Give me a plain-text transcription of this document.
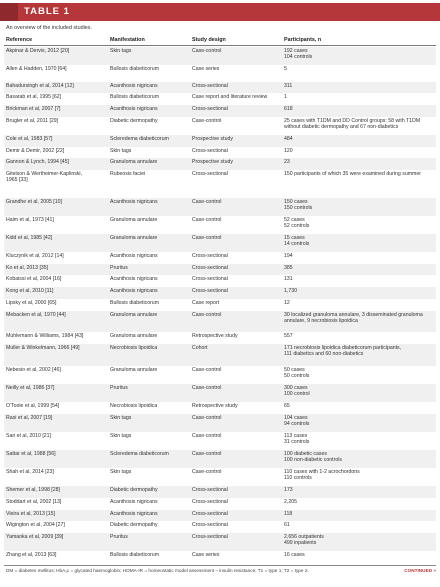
TABLE 1
An overview of the included studies.
Reference	Manifestation	Study design	Participants, n
Akpinar & Dervis, 2012 [20]	Skin tags	Case-control	192 cases
104 controls
Allen & Hadden, 1970 [64]	Bullosis diabeticorum	Case series	5
Bahadursingh et al, 2014 [12]	Acanthosis nigricans	Cross-sectional	311
Basarab et al, 1995 [62]	Bullosis diabeticorum	Case report and literature review	1
Brickman et al, 2007 [7]	Acanthosis nigricans	Cross-sectional	618
Brugler et al, 2011 [29]	Diabetic dermopathy	Case-control	25 cases with T1DM and DD Control groups: 58 with T1DM
without diabetic dermopathy and 67 non-diabetics
Cole et al, 1983 [57]	Scleredema diabeticorum	Prospective study	484
Demir & Demir, 2002 [22]	Skin tags	Cross-sectional	120
Gannon & Lynch, 1994 [45]	Granuloma annulare	Prospective study	23
Gitelson & Wertheimer-Kaplinski,
1965 [33]
Rubeosis faciei	Cross-sectional	150 participants of which 35 were examined during summer
Grandhe et al, 2005 [10]	Acanthosis nigricans	Case-control	150 cases
150 controls
Haim et al, 1973 [41]	Granuloma annulare	Case-control	52 cases
52 controls
Kidd et al, 1985 [42]	Granuloma annulare	Case-control	15 cases
14 controls
Kluczynik et al, 2012 [14]	Acanthosis nigricans	Cross-sectional	194
Ko et al, 2013 [35]	Pruritus	Cross-sectional	385
Kobaissi et al, 2004 [16]	Acanthosis nigricans	Cross-sectional	131
Kong et al, 2010 [11]	Acanthosis nigricans	Cross-sectional	1,730
Lipsky et al, 2000 [65]	Bullosis diabeticorum	Case report	12
Mebacken et al, 1970 [44]	Granuloma annulare	Case-control	30 localized granuloma annulare, 3 disseminated granuloma
annulare, 9 necrobiosis lipoidica
Muhlemann & Williams, 1984 [43]	Granuloma annulare	Retrospective study	557
Muller & Winkelmann, 1966 [49]	Necrobiosis lipoidica	Cohort	171 necrobiosis lipoidica diabeticorum participants,
111 diabetics and 60 non-diabetics
Nebesio et al, 2002 [46]	Granuloma annulare	Case-control	50 cases
50 controls
Neilly et al, 1986 [37]	Pruritus	Case-control	300 cases
100 control
O'Toole et al, 1999 [54]	Necrobiosis lipoidica	Retrospective study	65
Rasi et al, 2007 [19]	Skin tags	Case-control	104 cases
94 controls
Sari et al, 2010 [21]	Skin tags	Case-control	113 cases
31 controls
Sattar et al, 1988 [56]	Scleredema diabeticorum	Case-control	100 diabetic cases
100 non-diabetic controls
Shah et al, 2014 [23]	Skin tags	Case-control	110 cases with 1-2 acrochordons
110 controls
Shemer et al, 1998 [28]	Diabetic dermopathy	Cross-sectional	173
Stoddart et al, 2002 [13]	Acanthosis nigricans	Cross-sectional	2,205
Vieira et al, 2013 [15]	Acanthosis nigricans	Cross-sectional	118
Wigington et al, 2004 [27]	Diabetic dermopathy	Cross-sectional	61
Yamaoka et al, 2009 [39]	Pruritus	Cross-sectional	2,656 outpatients
499 inpatients
Zhang et al, 2013 [63]	Bullosis diabeticorum	Case series	16 cases
DM = diabetes mellitus; HbA₁c = glycated haemoglobin; HOMA-IR = homeostatic model assessment – insulin resistance; T1 = type 1; T2 = type 2.	CONTINUED »
